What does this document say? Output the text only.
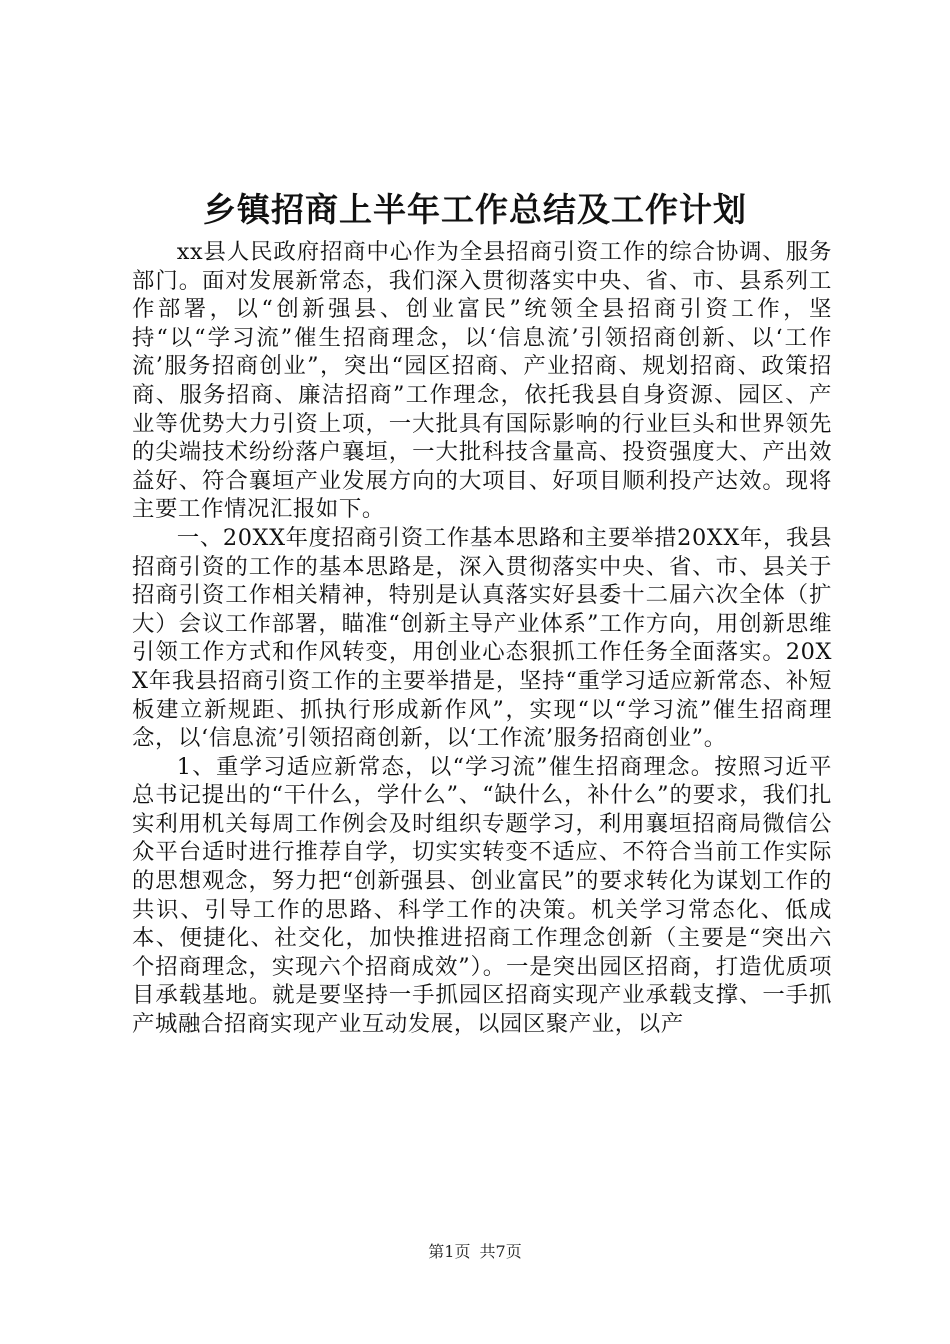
乡镇招商上半年工作总结及工作计划

xx县人民政府招商中心作为全县招商引资工作的综合协调、服务部门。面对发展新常态，我们深入贯彻落实中央、省、市、县系列工作部署，以“创新强县、创业富民”统领全县招商引资工作，坚持“以“学习流”催生招商理念，以‘信息流’引领招商创新、以‘工作流’服务招商创业”，突出“园区招商、产业招商、规划招商、政策招商、服务招商、廉洁招商”工作理念，依托我县自身资源、园区、产业等优势大力引资上项，一大批具有国际影响的行业巨头和世界领先的尖端技术纷纷落户襄垣，一大批科技含量高、投资强度大、产出效益好、符合襄垣产业发展方向的大项目、好项目顺利投产达效。现将主要工作情况汇报如下。

一、20XX年度招商引资工作基本思路和主要举措20XX年，我县招商引资的工作的基本思路是，深入贯彻落实中央、省、市、县关于招商引资工作相关精神，特别是认真落实好县委十二届六次全体（扩大）会议工作部署，瞄准“创新主导产业体系”工作方向，用创新思维引领工作方式和作风转变，用创业心态狠抓工作任务全面落实。20XX年我县招商引资工作的主要举措是，坚持“重学习适应新常态、补短板建立新规距、抓执行形成新作风”，实现“以“学习流”催生招商理念，以‘信息流’引领招商创新，以‘工作流’服务招商创业”。

1、重学习适应新常态，以“学习流”催生招商理念。按照习近平总书记提出的“干什么，学什么”、“缺什么，补什么”的要求，我们扎实利用机关每周工作例会及时组织专题学习，利用襄垣招商局微信公众平台适时进行推荐自学，切实实转变不适应、不符合当前工作实际的思想观念，努力把“创新强县、创业富民”的要求转化为谋划工作的共识、引导工作的思路、科学工作的决策。机关学习常态化、低成本、便捷化、社交化，加快推进招商工作理念创新（主要是“突出六个招商理念，实现六个招商成效”）。一是突出园区招商，打造优质项目承载基地。就是要坚持一手抓园区招商实现产业承载支撑、一手抓产城融合招商实现产业互动发展，以园区聚产业，以产

第1页 共7页
